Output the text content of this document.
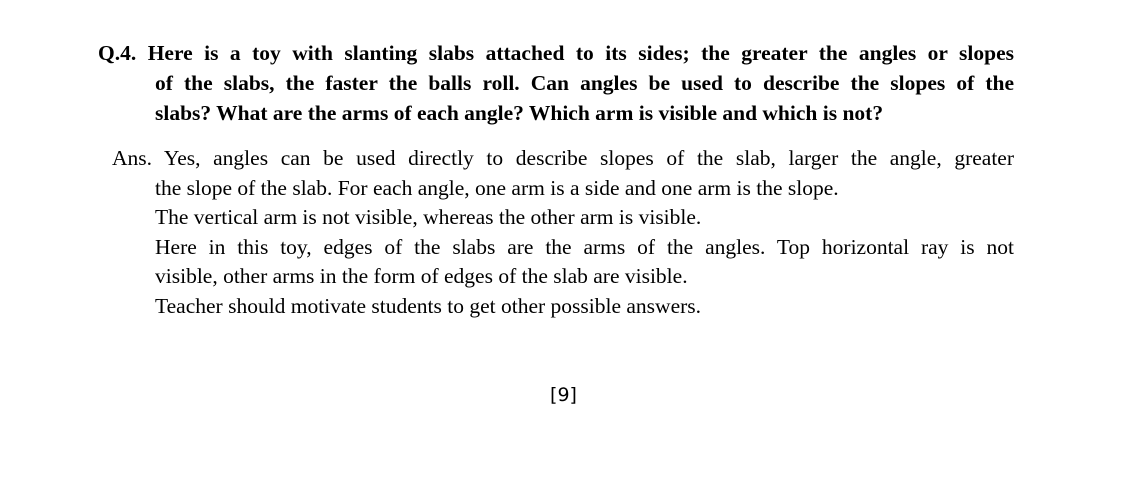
Q.4. Here is a toy with slanting slabs attached to its sides; the greater the angles or slopes
of the slabs, the faster the balls roll. Can angles be used to describe the slopes of the
slabs? What are the arms of each angle? Which arm is visible and which is not?
Ans. Yes, angles can be used directly to describe slopes of the slab, larger the angle, greater
the slope of the slab. For each angle, one arm is a side and one arm is the slope.
The vertical arm is not visible, whereas the other arm is visible.
Here in this toy, edges of the slabs are the arms of the angles. Top horizontal ray is not
visible, other arms in the form of edges of the slab are visible.
Teacher should motivate students to get other possible answers.
[9]
